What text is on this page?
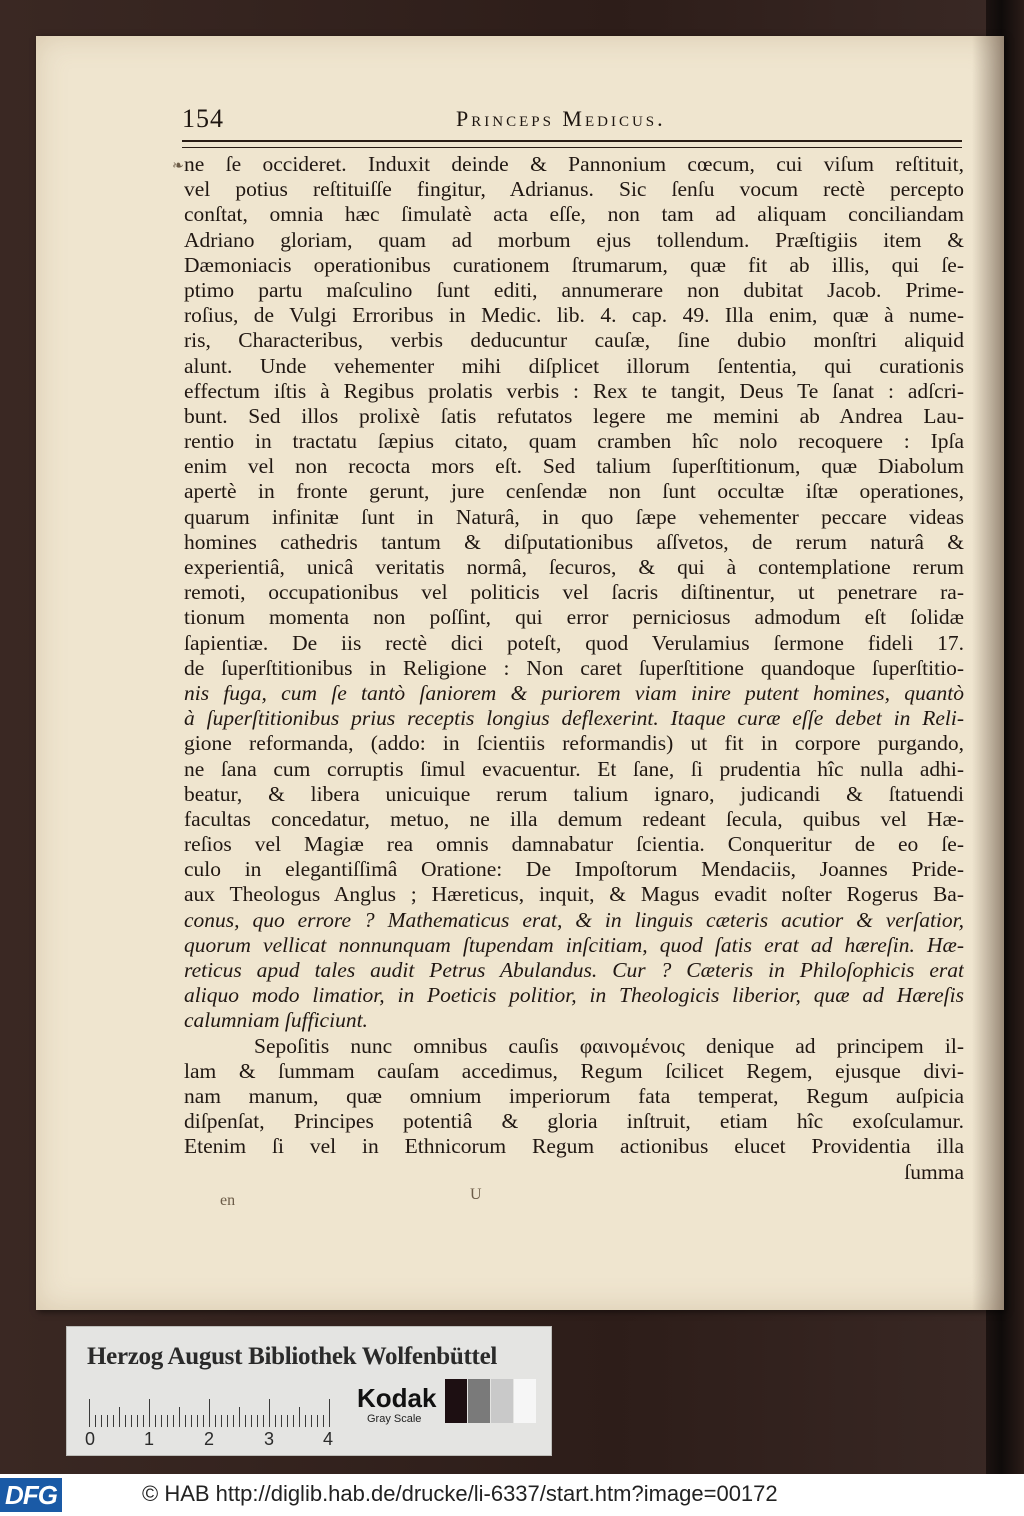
154	Princeps Medicus.
❧ ne ſe occideret. Induxit deinde & Pannonium cœcum, cui viſum reſtituit,
vel potius reſtituiſſe fingitur, Adrianus. Sic ſenſu vocum rectè percepto
conſtat, omnia hæc ſimulatè acta eſſe, non tam ad aliquam conciliandam
Adriano gloriam, quam ad morbum ejus tollendum. Præſtigiis item &
Dæmoniacis operationibus curationem ſtrumarum, quæ fit ab illis, qui ſe-
ptimo partu maſculino ſunt editi, annumerare non dubitat Jacob. Prime-
roſius, de Vulgi Erroribus in Medic. lib. 4. cap. 49. Illa enim, quæ à nume-
ris, Characteribus, verbis deducuntur cauſæ, ſine dubio monſtri aliquid
alunt. Unde vehementer mihi diſplicet illorum ſententia, qui curationis
effectum iſtis à Regibus prolatis verbis : Rex te tangit, Deus Te ſanat : adſcri-
bunt. Sed illos prolixè ſatis refutatos legere me memini ab Andrea Lau-
rentio in tractatu ſæpius citato, quam cramben hîc nolo recoquere : Ipſa
enim vel non recocta mors eſt. Sed talium ſuperſtitionum, quæ Diabolum
apertè in fronte gerunt, jure cenſendæ non ſunt occultæ iſtæ operationes,
quarum infinitæ ſunt in Naturâ, in quo ſæpe vehementer peccare videas
homines cathedris tantum & diſputationibus aſſvetos, de rerum naturâ &
experientiâ, unicâ veritatis normâ, ſecuros, & qui à contemplatione rerum
remoti, occupationibus vel politicis vel ſacris diſtinentur, ut penetrare ra-
tionum momenta non poſſint, qui error perniciosus admodum eſt ſolidæ
ſapientiæ. De iis rectè dici poteſt, quod Verulamius ſermone fideli 17.
de ſuperſtitionibus in Religione : Non caret ſuperſtitione quandoque ſuperſtitio-
nis fuga, cum ſe tantò ſaniorem & puriorem viam inire putent homines, quantò
à ſuperſtitionibus prius receptis longius deflexerint. Itaque curæ eſſe debet in Reli-
gione reformanda, (addo: in ſcientiis reformandis) ut fit in corpore purgando,
ne ſana cum corruptis ſimul evacuentur. Et ſane, ſi prudentia hîc nulla adhi-
beatur, & libera unicuique rerum talium ignaro, judicandi & ſtatuendi
facultas concedatur, metuo, ne illa demum redeant ſecula, quibus vel Hæ-
reſios vel Magiæ rea omnis damnabatur ſcientia. Conqueritur de eo ſe-
culo in elegantiſſimâ Oratione: De Impoſtorum Mendaciis, Joannes Pride-
aux Theologus Anglus ; Hæreticus, inquit, & Magus evadit noſter Rogerus Ba-
conus, quo errore ? Mathematicus erat, & in linguis cæteris acutior & verſatior,
quorum vellicat nonnunquam ſtupendam inſcitiam, quod ſatis erat ad hæreſin. Hæ-
reticus apud tales audit Petrus Abulandus. Cur ? Cæteris in Philoſophicis erat
aliquo modo limatior, in Poeticis politior, in Theologicis liberior, quæ ad Hæreſis
calumniam ſufficiunt.
Sepoſitis nunc omnibus cauſis φαινομένοις denique ad principem il-
lam & ſummam cauſam accedimus, Regum ſcilicet Regem, ejusque divi-
nam manum, quæ omnium imperiorum fata temperat, Regum auſpicia
diſpenſat, Principes potentiâ & gloria inſtruit, etiam hîc exoſculamur.
Etenim ſi vel in Ethnicorum Regum actionibus elucet Providentia illa
ſumma
en	U
Herzog August Bibliothek Wolfenbüttel
0	1	2	3	4
Kodak
Gray Scale
DFG	© HAB http://diglib.hab.de/drucke/li-6337/start.htm?image=00172
